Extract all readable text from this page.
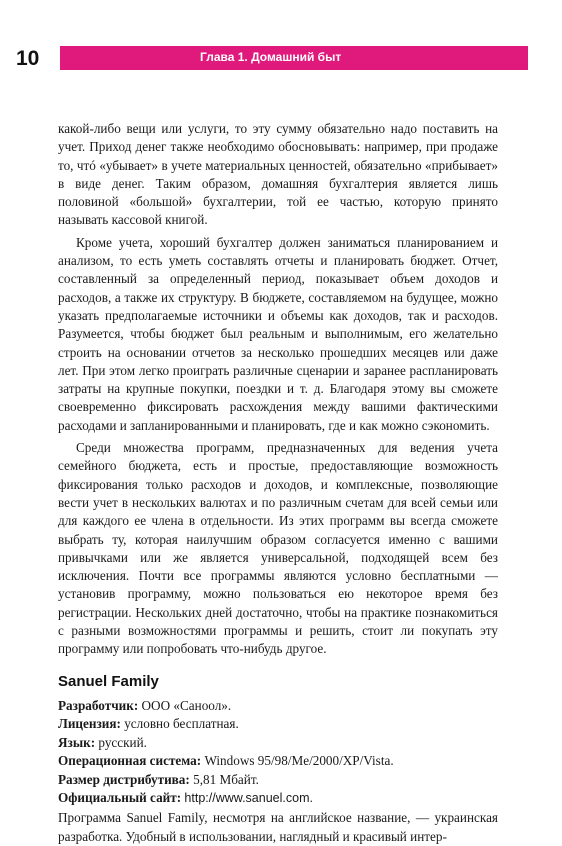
10	Глава 1. Домашний быт

какой-либо вещи или услуги, то эту сумму обязательно надо поставить на учет. Приход денег также необходимо обосновывать: например, при продаже то, чтó «убывает» в учете материальных ценностей, обязательно «прибывает» в виде денег. Таким образом, домашняя бухгалтерия является лишь половиной «большой» бухгалтерии, той ее частью, которую принято называть кассовой книгой.

Кроме учета, хороший бухгалтер должен заниматься планированием и анализом, то есть уметь составлять отчеты и планировать бюджет. Отчет, составленный за определенный период, показывает объем доходов и расходов, а также их структуру. В бюджете, составляемом на будущее, можно указать предполагаемые источники и объемы как доходов, так и расходов. Разумеется, чтобы бюджет был реальным и выполнимым, его желательно строить на основании отчетов за несколько прошедших месяцев или даже лет. При этом легко проиграть различные сценарии и заранее распланировать затраты на крупные покупки, поездки и т. д. Благодаря этому вы сможете своевременно фиксировать расхождения между вашими фактическими расходами и запланированными и планировать, где и как можно сэкономить.

Среди множества программ, предназначенных для ведения учета семейного бюджета, есть и простые, предоставляющие возможность фиксирования только расходов и доходов, и комплексные, позволяющие вести учет в нескольких валютах и по различным счетам для всей семьи или для каждого ее члена в отдельности. Из этих программ вы всегда сможете выбрать ту, которая наилучшим образом согласуется именно с вашими привычками или же является универсальной, подходящей всем без исключения. Почти все программы являются условно бесплатными — установив программу, можно пользоваться ею некоторое время без регистрации. Нескольких дней достаточно, чтобы на практике познакомиться с разными возможностями программы и решить, стоит ли покупать эту программу или попробовать что-нибудь другое.

Sanuel Family
Разработчик: ООО «Саноол».
Лицензия: условно бесплатная.
Язык: русский.
Операционная система: Windows 95/98/Me/2000/XP/Vista.
Размер дистрибутива: 5,81 Мбайт.
Официальный сайт: http://www.sanuel.com.

Программа Sanuel Family, несмотря на английское название, — украинская разработка. Удобный в использовании, наглядный и красивый интер-
